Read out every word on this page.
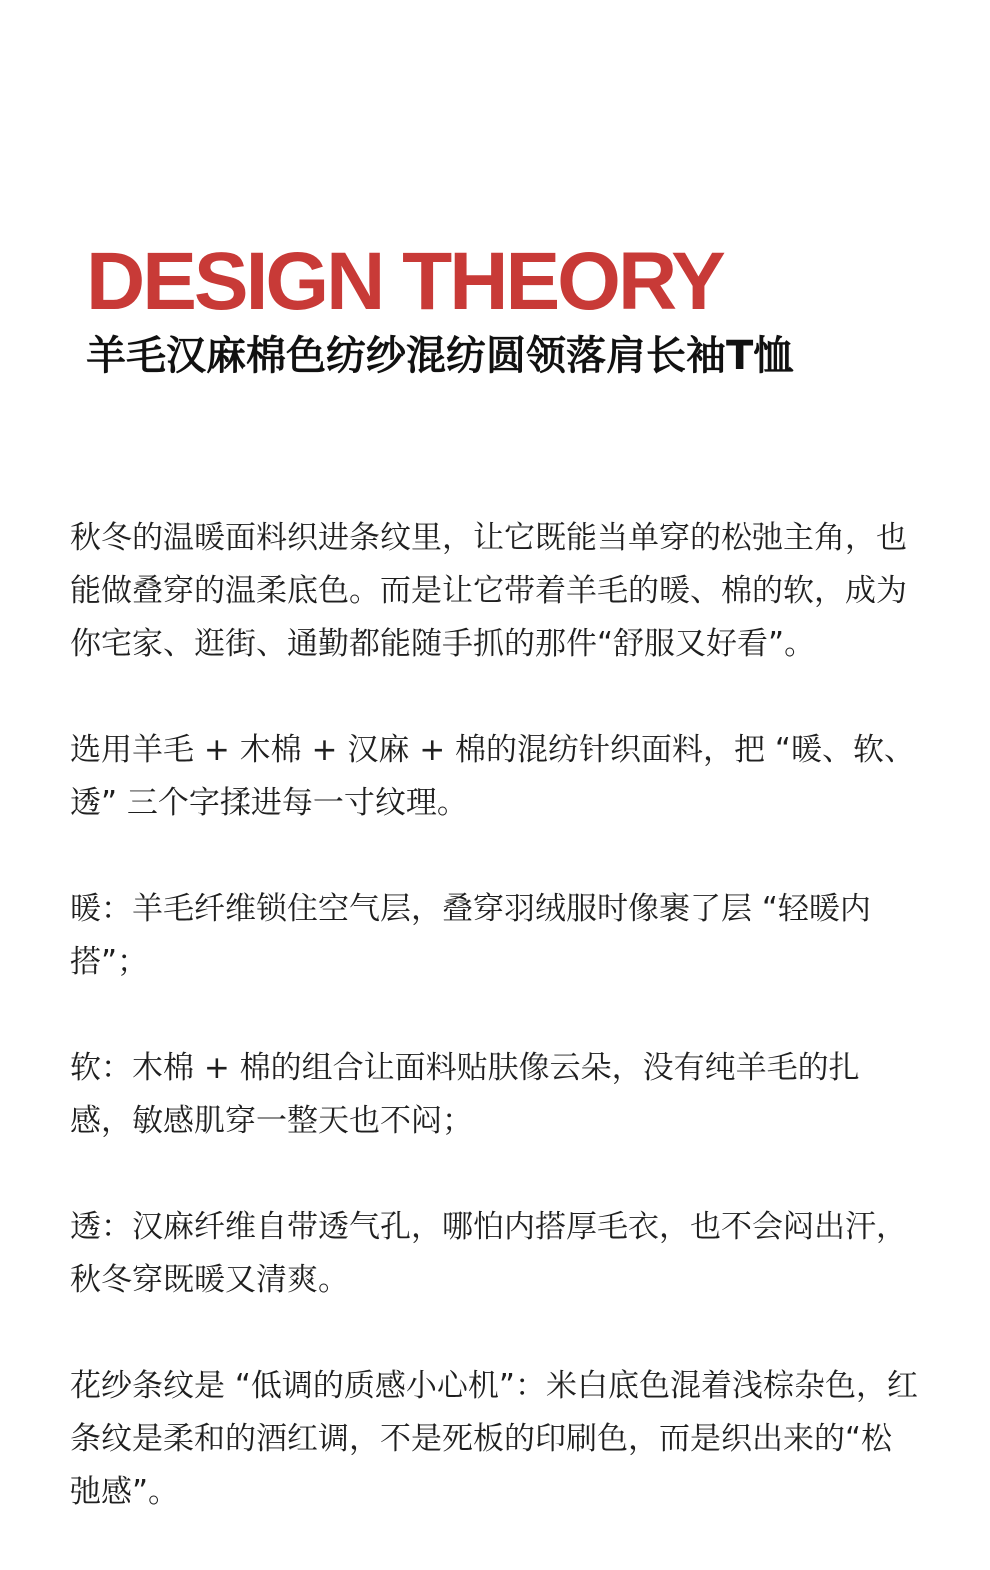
DESIGN THEORY
羊毛汉麻棉色纺纱混纺圆领落肩长袖T恤

秋冬的温暖面料织进条纹里，让它既能当单穿的松弛主角，也能做叠穿的温柔底色。而是让它带着羊毛的暖、棉的软，成为你宅家、逛街、通勤都能随手抓的那件“舒服又好看”。

选用羊毛 + 木棉 + 汉麻 + 棉的混纺针织面料，把 “暖、软、透” 三个字揉进每一寸纹理。

暖：羊毛纤维锁住空气层，叠穿羽绒服时像裹了层 “轻暖内搭”；

软：木棉 + 棉的组合让面料贴肤像云朵，没有纯羊毛的扎感，敏感肌穿一整天也不闷；

透：汉麻纤维自带透气孔，哪怕内搭厚毛衣，也不会闷出汗，秋冬穿既暖又清爽。

花纱条纹是 “低调的质感小心机”：米白底色混着浅棕杂色，红条纹是柔和的酒红调，不是死板的印刷色，而是织出来的“松弛感”。
